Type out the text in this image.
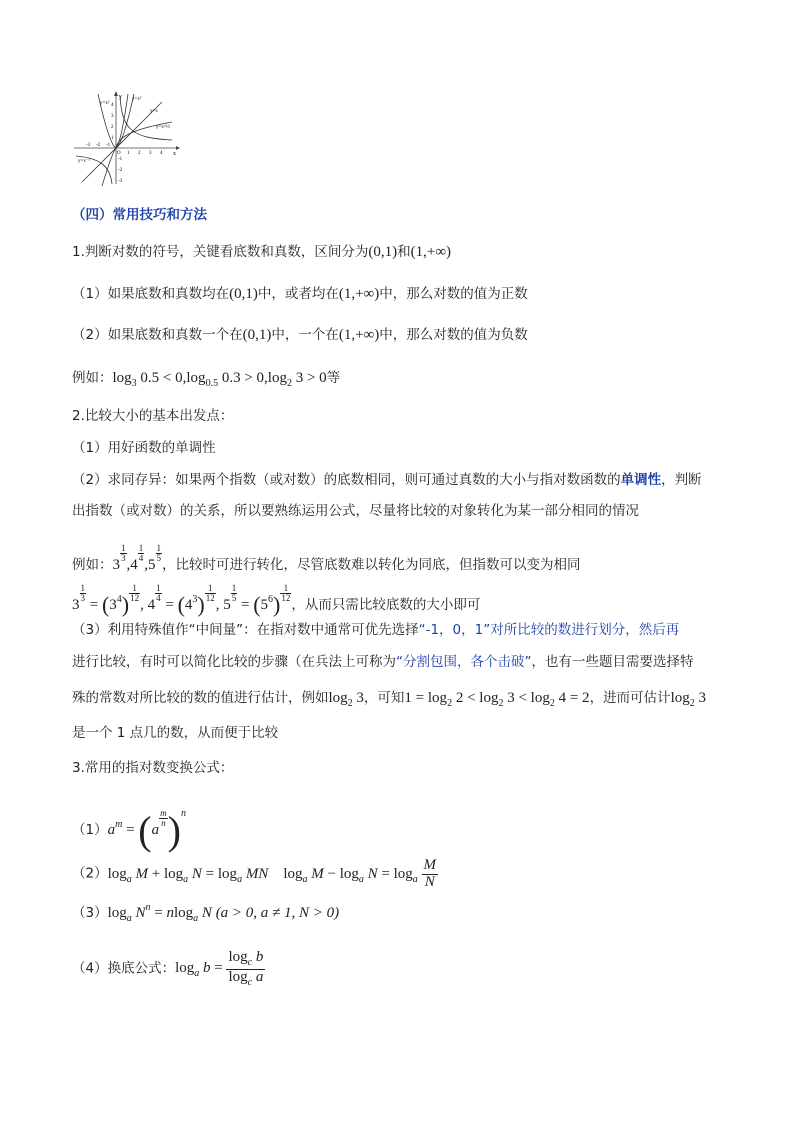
y
x
y=x³
y=x²
y=x
y=x^½
y=x⁻¹
-3 -2 -1
O 1 2 3 4
4
3
2
1
-1
-2
-3
（四）常用技巧和方法
1.判断对数的符号，关键看底数和真数，区间分为(0,1)和(1,+∞)
（1）如果底数和真数均在(0,1)中，或者均在(1,+∞)中，那么对数的值为正数
（2）如果底数和真数一个在(0,1)中，一个在(1,+∞)中，那么对数的值为负数
例如：$\log_3 0.5 < 0,\log_{0.5}$ $0.3 > 0,\log_2$ 3 > 0等
2.比较大小的基本出发点：
（1）用好函数的单调性
（2）求同存异：如果两个指数（或对数）的底数相同，则可通过真数的大小与指对数函数的单调性，判断
出指数（或对数）的关系，所以要熟练运用公式，尽量将比较的对象转化为某一部分相同的情况
例如：3
$\frac{1}{3}$
,4
$\frac{1}{4}$
,5
$\frac{1}{5}$
，比较时可进行转化，尽管底数难以转化为同底，但指数可以变为相同
3
$\frac{1}{3}$
= $(3^4) \frac{1}{12}$
, 4
$\frac{1}{4}$
= $(4^3) \frac{1}{12}$
, 5
$\frac{1}{5}$
= $(5^6) \frac{1}{12}$
，从而只需比较底数的大小即可
（3）利用特殊值作“中间量”：在指对数中通常可优先选择“-1，0，1”对所比较的数进行划分，然后再
进行比较，有时可以简化比较的步骤（在兵法上可称为“分割包围，各个击破”，也有一些题目需要选择特
殊的常数对所比较的数的值进行估计，例如$\log_2 3$，可知$1 = \log_2 2 < \log_2 3 < \log_2 4 = 2$，进而可估计$\log_2 3$
是一个 1 点几的数，从而便于比较
3.常用的指对数变换公式：
$(1)a^m = (a$
$\frac{m}{n} )^n$
$(2)\log_a$ $M + \log_a N = \log_a$ MN    $\log_a M - \log_a N = \log_a \frac{M}{N}$
$(3)\log_a$ $N^n = nlog_a$ N (a > 0, a ≠ 1, N > 0)
（4）换底公式：$\log_a b = \frac{\log_c b}{\log_c a}$
